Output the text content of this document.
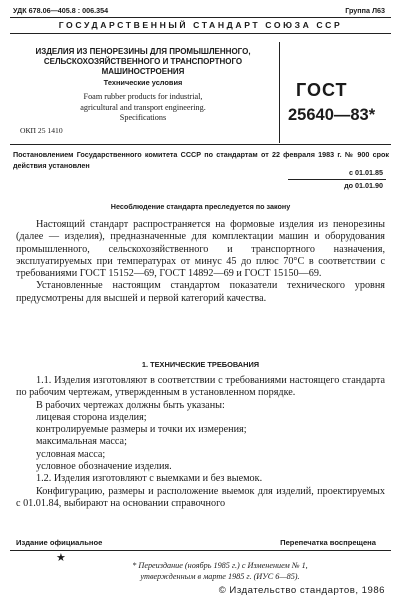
УДК 678.06—405.8 : 006.354	Группа Л63
ГОСУДАРСТВЕННЫЙ СТАНДАРТ СОЮЗА ССР
ИЗДЕЛИЯ ИЗ ПЕНОРЕЗИНЫ ДЛЯ ПРОМЫШЛЕННОГО,
СЕЛЬСКОХОЗЯЙСТВЕННОГО И ТРАНСПОРТНОГО
МАШИНОСТРОЕНИЯ
Технические условия
Foam rubber products for industrial,
agricultural and transport engineering.
Specifications
ОКП 25 1410
ГОСТ
25640—83*
Постановлением Государственного комитета СССР по стандартам от 22 февраля 1983 г. № 900 срок действия установлен
с 01.01.85
до 01.01.90
Несоблюдение стандарта преследуется по закону

Настоящий стандарт распространяется на формовые изделия из пенорезины (далее — изделия), предназначенные для комплектации машин и оборудования промышленного, сельскохозяйственного и транспортного назначения, эксплуатируемых при температурах от минус 45 до плюс 70°С в соответствии с требованиями ГОСТ 15152—69, ГОСТ 14892—69 и ГОСТ 15150—69.

Установленные настоящим стандартом показатели технического уровня предусмотрены для высшей и первой категорий качества.

1. ТЕХНИЧЕСКИЕ ТРЕБОВАНИЯ

1.1. Изделия изготовляют в соответствии с требованиями настоящего стандарта по рабочим чертежам, утвержденным в установленном порядке.

В рабочих чертежах должны быть указаны:

лицевая сторона изделия;

контролируемые размеры и точки их измерения;

максимальная масса;

условная масса;

условное обозначение изделия.

1.2. Изделия изготовляют с выемками и без выемок.

Конфигурацию, размеры и расположение выемок для изделий, проектируемых с 01.01.84, выбирают на основании справочного

Издание официальное	Перепечатка воспрещена
★
* Переиздание (ноябрь 1985 г.) с Изменением № 1,
утвержденным в марте 1985 г. (ИУС 6—85).
© Издательство стандартов, 1986
